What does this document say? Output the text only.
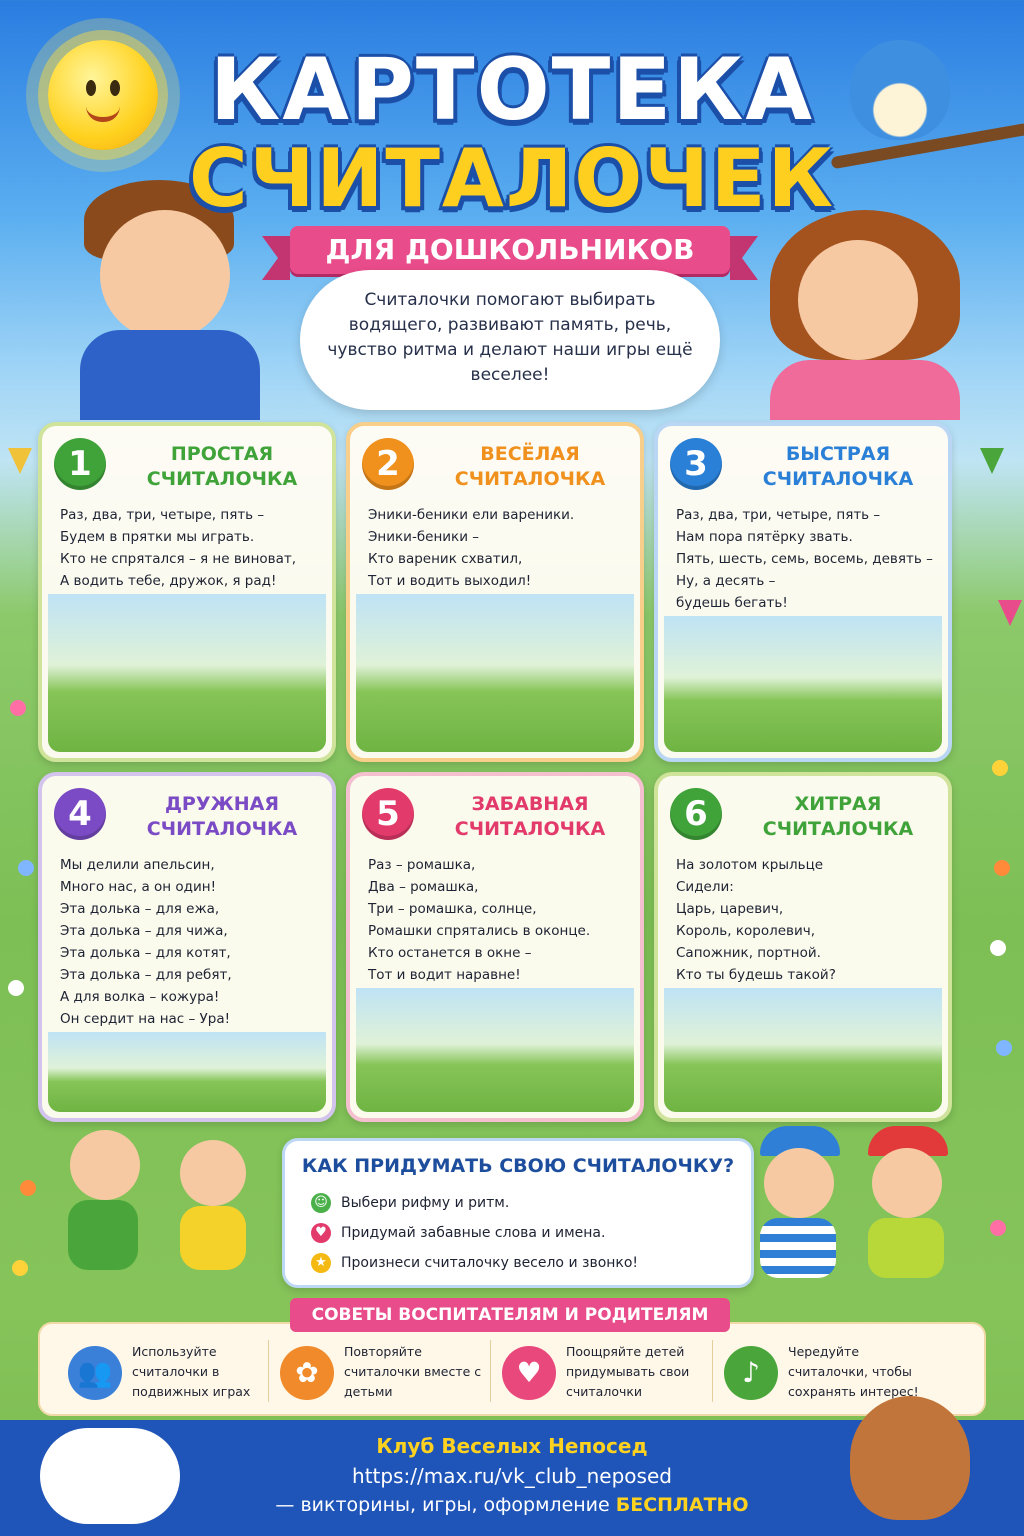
КАРТОТЕКА
СЧИТАЛОЧЕК
ДЛЯ ДОШКОЛЬНИКОВ
Считалочки помогают выбирать водящего, развивают память, речь, чувство ритма и делают наши игры ещё веселее!
1	ПРОСТАЯ
СЧИТАЛОЧКА
Раз, два, три, четыре, пять –
Будем в прятки мы играть.
Кто не спрятался – я не виноват,
А водить тебе, дружок, я рад!
2	ВЕСЁЛАЯ
СЧИТАЛОЧКА
Эники-беники ели вареники.
Эники-беники –
Кто вареник схватил,
Тот и водить выходил!
3	БЫСТРАЯ
СЧИТАЛОЧКА
Раз, два, три, четыре, пять –
Нам пора пятёрку звать.
Пять, шесть, семь, восемь, девять –
Ну, а десять –
будешь бегать!
4	ДРУЖНАЯ
СЧИТАЛОЧКА
Мы делили апельсин,
Много нас, а он один!
Эта долька – для ежа,
Эта долька – для чижа,
Эта долька – для котят,
Эта долька – для ребят,
А для волка – кожура!
Он сердит на нас – Ура!
5	ЗАБАВНАЯ
СЧИТАЛОЧКА
Раз – ромашка,
Два – ромашка,
Три – ромашка, солнце,
Ромашки спрятались в оконце.
Кто останется в окне –
Тот и водит наравне!
6	ХИТРАЯ
СЧИТАЛОЧКА
На золотом крыльце
Сидели:
Царь, царевич,
Король, королевич,
Сапожник, портной.
Кто ты будешь такой?
КАК ПРИДУМАТЬ СВОЮ СЧИТАЛОЧКУ?
☺ Выбери рифму и ритм.
♥ Придумай забавные слова и имена.
★ Произнеси считалочку весело и звонко!
👥
Используйте считалочки в подвижных играх
✿
Повторяйте считалочки вместе с детьми
♥
Поощряйте детей придумывать свои считалочки
♪
Чередуйте считалочки, чтобы сохранять интерес!
СОВЕТЫ ВОСПИТАТЕЛЯМ И РОДИТЕЛЯМ
Клуб Веселых Непосед
https://max.ru/vk_club_neposed
— викторины, игры, оформление БЕСПЛАТНО
